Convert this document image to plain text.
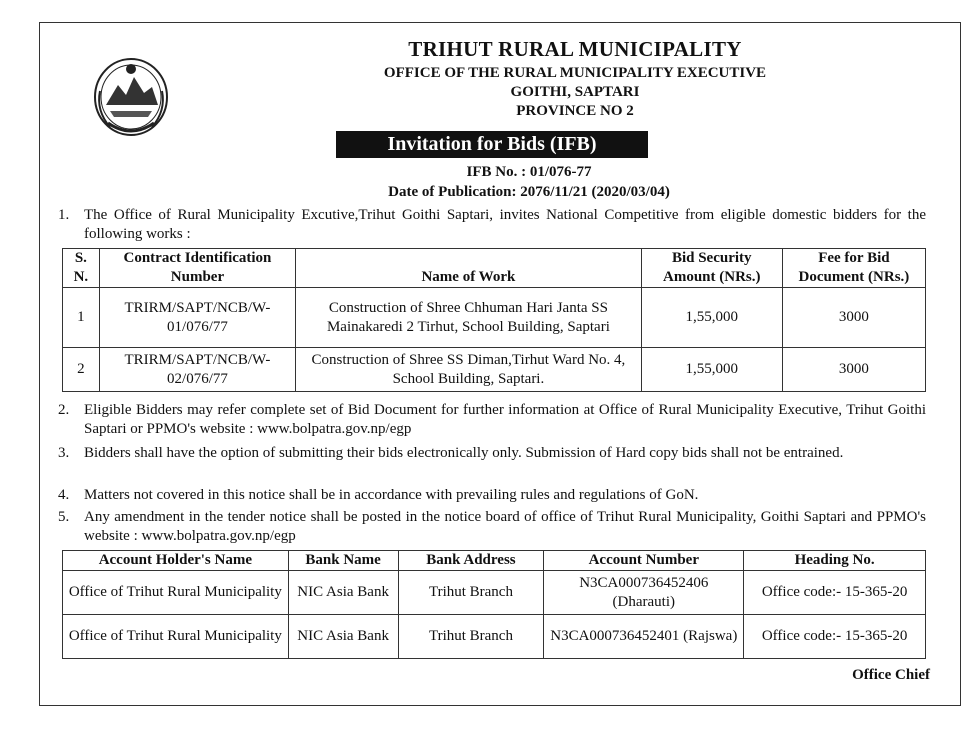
TRIHUT RURAL MUNICIPALITY
OFFICE OF THE RURAL MUNICIPALITY EXECUTIVE
GOITHI, SAPTARI
PROVINCE NO 2
Invitation for Bids (IFB)
IFB No. : 01/076-77
Date of Publication: 2076/11/21 (2020/03/04)
1. The Office of Rural Municipality Excutive,Trihut Goithi Saptari, invites National Competitive from eligible domestic bidders for the following works :
S. N.	Contract Identification Number	Name of Work	Bid Security Amount (NRs.)	Fee for Bid Document (NRs.)
1	TRIRM/SAPT/NCB/W-01/076/77	Construction of Shree Chhuman Hari Janta SS Mainakaredi 2 Tirhut, School Building, Saptari	1,55,000	3000
2	TRIRM/SAPT/NCB/W-02/076/77	Construction of Shree SS Diman,Tirhut Ward No. 4, School Building, Saptari.	1,55,000	3000
2. Eligible Bidders may refer complete set of Bid Document for further information at Office of Rural Municipality Executive, Trihut Goithi Saptari or PPMO's website : www.bolpatra.gov.np/egp
3. Bidders shall have the option of submitting their bids electronically only. Submission of Hard copy bids shall not be entrained.
4. Matters not covered in this notice shall be in accordance with prevailing rules and regulations of GoN.
5. Any amendment in the tender notice shall be posted in the notice board of office of Trihut Rural Municipality, Goithi Saptari and PPMO's website : www.bolpatra.gov.np/egp
Account Holder's Name	Bank Name	Bank Address	Account Number	Heading No.
Office of Trihut Rural Municipality	NIC Asia Bank	Trihut Branch	N3CA000736452406 (Dharauti)	Office code:- 15-365-20
Office of Trihut Rural Municipality	NIC Asia Bank	Trihut Branch	N3CA000736452401 (Rajswa)	Office code:- 15-365-20
Office Chief
